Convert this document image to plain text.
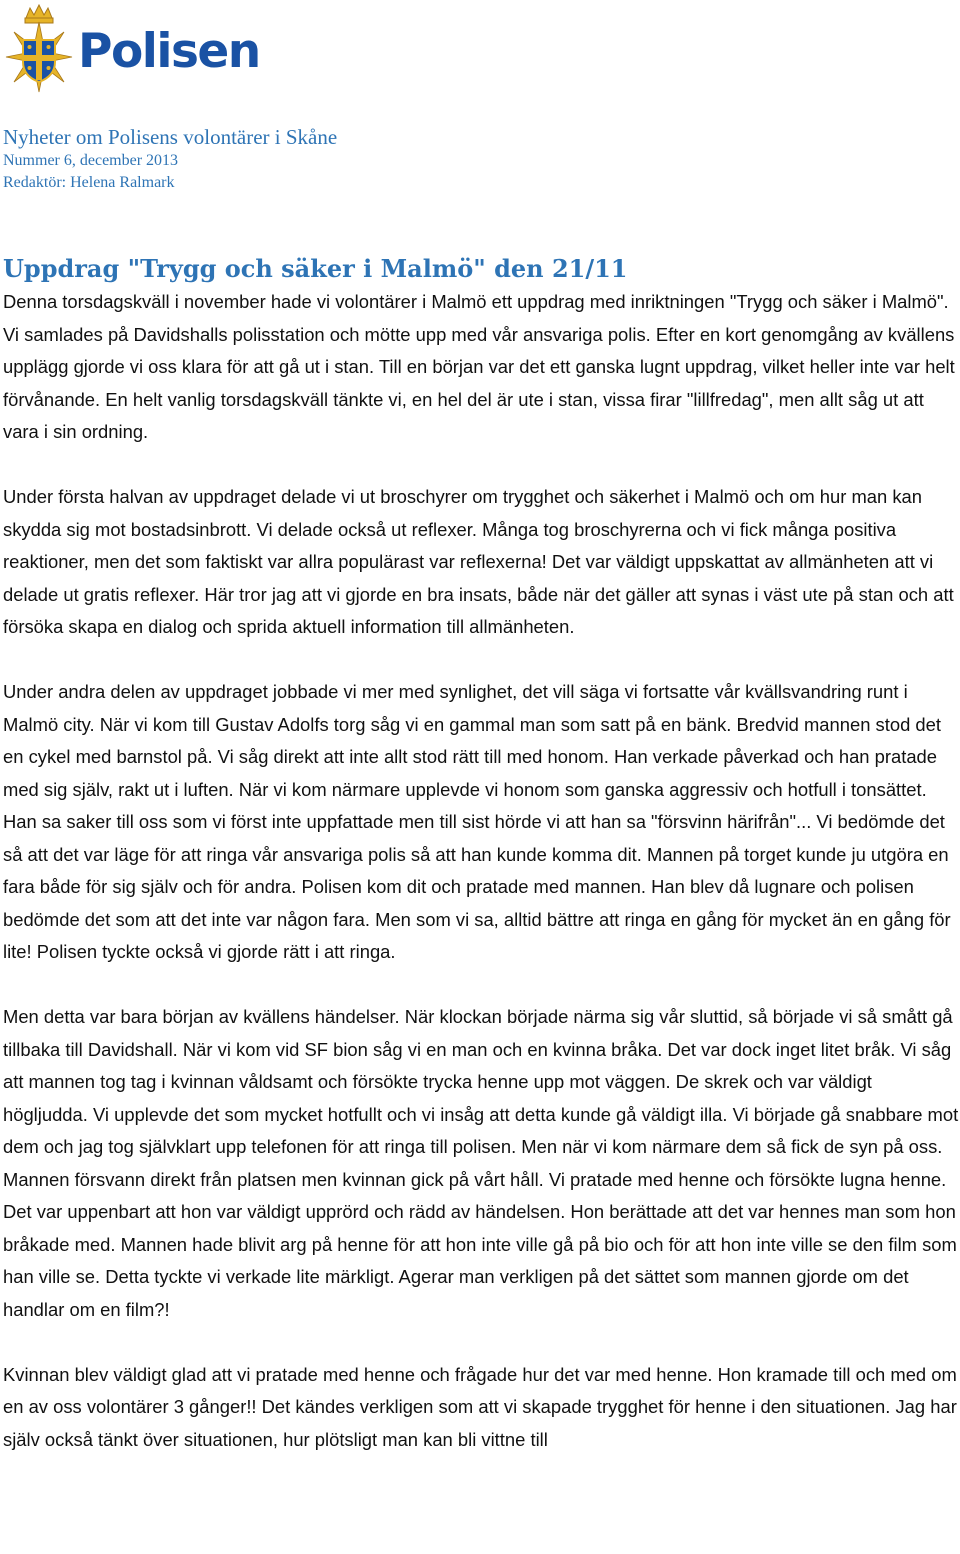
Polisen
Nyheter om Polisens volontärer i Skåne
Nummer 6, december 2013
Redaktör: Helena Ralmark
Uppdrag "Trygg och säker i Malmö" den 21/11

Denna torsdagskväll i november hade vi volontärer i Malmö ett uppdrag med inriktningen "Trygg och säker i Malmö". Vi samlades på Davidshalls polisstation och mötte upp med vår ansvariga polis. Efter en kort genomgång av kvällens upplägg gjorde vi oss klara för att gå ut i stan. Till en början var det ett ganska lugnt uppdrag, vilket heller inte var helt förvånande. En helt vanlig torsdagskväll tänkte vi, en hel del är ute i stan, vissa firar "lillfredag", men allt såg ut att vara i sin ordning.

Under första halvan av uppdraget delade vi ut broschyrer om trygghet och säkerhet i Malmö och om hur man kan skydda sig mot bostadsinbrott. Vi delade också ut reflexer. Många tog broschyrerna och vi fick många positiva reaktioner, men det som faktiskt var allra populärast var reflexerna! Det var väldigt uppskattat av allmänheten att vi delade ut gratis reflexer. Här tror jag att vi gjorde en bra insats, både när det gäller att synas i väst ute på stan och att försöka skapa en dialog och sprida aktuell information till allmänheten.

Under andra delen av uppdraget jobbade vi mer med synlighet, det vill säga vi fortsatte vår kvällsvandring runt i Malmö city. När vi kom till Gustav Adolfs torg såg vi en gammal man som satt på en bänk. Bredvid mannen stod det en cykel med barnstol på. Vi såg direkt att inte allt stod rätt till med honom. Han verkade påverkad och han pratade med sig själv, rakt ut i luften. När vi kom närmare upplevde vi honom som ganska aggressiv och hotfull i tonsättet. Han sa saker till oss som vi först inte uppfattade men till sist hörde vi att han sa "försvinn härifrån"... Vi bedömde det så att det var läge för att ringa vår ansvariga polis så att han kunde komma dit. Mannen på torget kunde ju utgöra en fara både för sig själv och för andra. Polisen kom dit och pratade med mannen. Han blev då lugnare och polisen bedömde det som att det inte var någon fara. Men som vi sa, alltid bättre att ringa en gång för mycket än en gång för lite! Polisen tyckte också vi gjorde rätt i att ringa.

Men detta var bara början av kvällens händelser. När klockan började närma sig vår sluttid, så började vi så smått gå tillbaka till Davidshall. När vi kom vid SF bion såg vi en man och en kvinna bråka. Det var dock inget litet bråk. Vi såg att mannen tog tag i kvinnan våldsamt och försökte trycka henne upp mot väggen. De skrek och var väldigt högljudda. Vi upplevde det som mycket hotfullt och vi insåg att detta kunde gå väldigt illa. Vi började gå snabbare mot dem och jag tog självklart upp telefonen för att ringa till polisen. Men när vi kom närmare dem så fick de syn på oss. Mannen försvann direkt från platsen men kvinnan gick på vårt håll. Vi pratade med henne och försökte lugna henne. Det var uppenbart att hon var väldigt upprörd och rädd av händelsen. Hon berättade att det var hennes man som hon bråkade med. Mannen hade blivit arg på henne för att hon inte ville gå på bio och för att hon inte ville se den film som han ville se. Detta tyckte vi verkade lite märkligt. Agerar man verkligen på det sättet som mannen gjorde om det handlar om en film?!

Kvinnan blev väldigt glad att vi pratade med henne och frågade hur det var med henne. Hon kramade till och med om en av oss volontärer 3 gånger!! Det kändes verkligen som att vi skapade trygghet för henne i den situationen. Jag har själv också tänkt över situationen, hur plötsligt man kan bli vittne till
